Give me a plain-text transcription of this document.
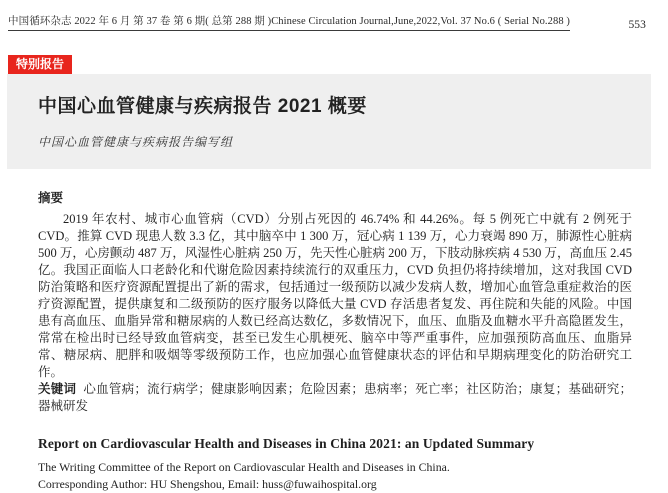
中国循环杂志 2022 年 6 月 第 37 卷 第 6 期( 总第 288 期 )Chinese Circulation Journal,June,2022,Vol. 37 No.6 ( Serial No.288 )	553
特别报告
中国心血管健康与疾病报告 2021 概要

中国心血管健康与疾病报告编写组

摘要

2019 年农村、城市心血管病（CVD）分别占死因的 46.74% 和 44.26%。每 5 例死亡中就有 2 例死于 CVD。推算 CVD 现患人数 3.3 亿，其中脑卒中 1 300 万，冠心病 1 139 万，心力衰竭 890 万，肺源性心脏病 500 万，心房颤动 487 万，风湿性心脏病 250 万，先天性心脏病 200 万，下肢动脉疾病 4 530 万，高血压 2.45 亿。我国正面临人口老龄化和代谢危险因素持续流行的双重压力，CVD 负担仍将持续增加，这对我国 CVD 防治策略和医疗资源配置提出了新的需求，包括通过一级预防以减少发病人数，增加心血管急重症救治的医疗资源配置，提供康复和二级预防的医疗服务以降低大量 CVD 存活患者复发、再住院和失能的风险。中国患有高血压、血脂异常和糖尿病的人数已经高达数亿，多数情况下，血压、血脂及血糖水平升高隐匿发生，常常在检出时已经导致血管病变，甚至已发生心肌梗死、脑卒中等严重事件，应加强预防高血压、血脂异常、糖尿病、肥胖和吸烟等零级预防工作，也应加强心血管健康状态的评估和早期病理变化的防治研究工作。

关键词 心血管病；流行病学；健康影响因素；危险因素；患病率；死亡率；社区防治；康复；基础研究；器械研发

Report on Cardiovascular Health and Diseases in China 2021: an Updated Summary

The Writing Committee of the Report on Cardiovascular Health and Diseases in China.

Corresponding Author: HU Shengshou, Email: huss@fuwaihospital.org
